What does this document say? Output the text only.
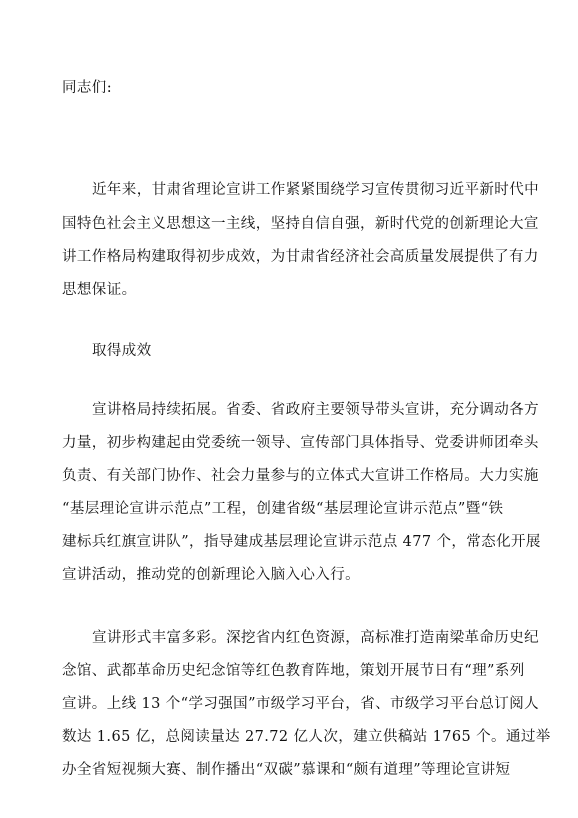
同志们:
近年来，甘肃省理论宣讲工作紧紧围绕学习宣传贯彻习近平新时代中
国特色社会主义思想这一主线，坚持自信自强，新时代党的创新理论大宣
讲工作格局构建取得初步成效，为甘肃省经济社会高质量发展提供了有力
思想保证。
取得成效
宣讲格局持续拓展。省委、省政府主要领导带头宣讲，充分调动各方
力量，初步构建起由党委统一领导、宣传部门具体指导、党委讲师团牵头
负责、有关部门协作、社会力量参与的立体式大宣讲工作格局。大力实施
“基层理论宣讲示范点”工程，创建省级“基层理论宣讲示范点”暨“铁
建标兵红旗宣讲队”，指导建成基层理论宣讲示范点 477 个，常态化开展
宣讲活动，推动党的创新理论入脑入心入行。
宣讲形式丰富多彩。深挖省内红色资源，高标准打造南梁革命历史纪
念馆、武都革命历史纪念馆等红色教育阵地，策划开展节日有“理”系列
宣讲。上线 13 个“学习强国”市级学习平台，省、市级学习平台总订阅人
数达 1.65 亿，总阅读量达 27.72 亿人次，建立供稿站 1765 个。通过举
办全省短视频大赛、制作播出“双碳”慕课和“颇有道理”等理论宣讲短
